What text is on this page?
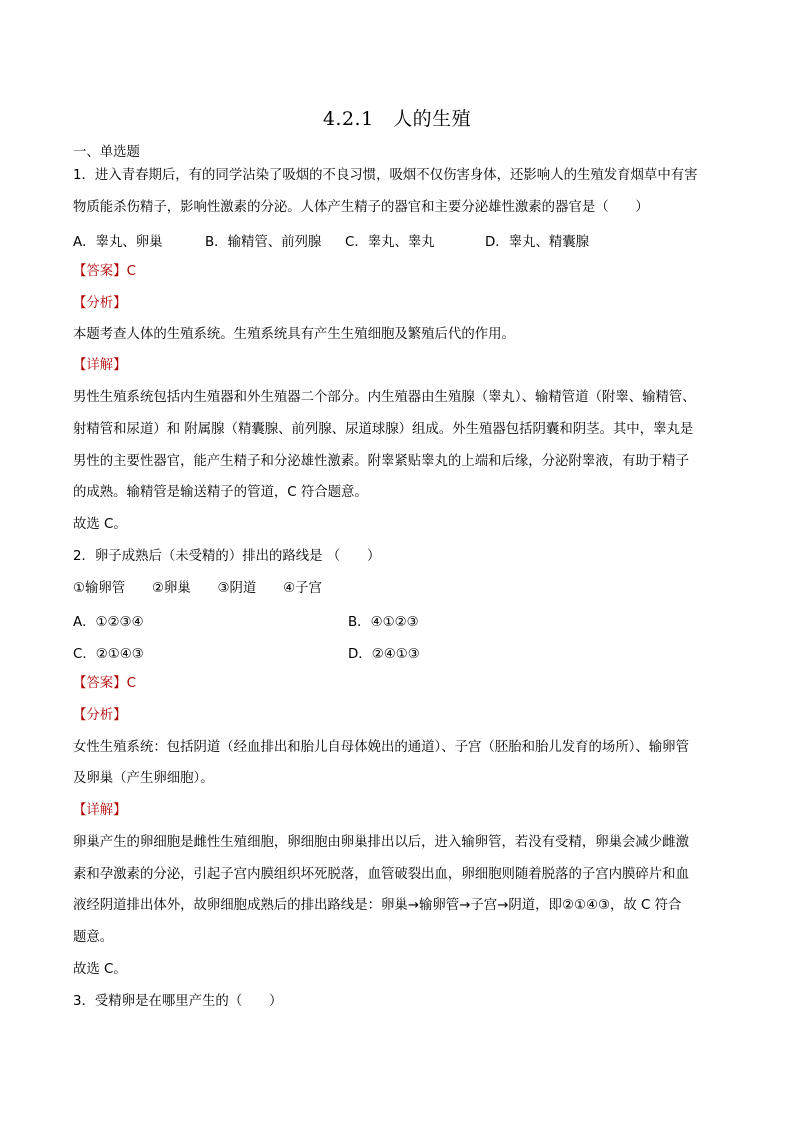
4.2.1　人的生殖
一、单选题
1．进入青春期后，有的同学沾染了吸烟的不良习惯，吸烟不仅伤害身体，还影响人的生殖发育烟草中有害
物质能杀伤精子，影响性激素的分泌。人体产生精子的器官和主要分泌雄性激素的器官是（　　）
A．睾丸、卵巢	B．输精管、前列腺 C．睾丸、睾丸	D．睾丸、精囊腺
【答案】C
【分析】
本题考查人体的生殖系统。生殖系统具有产生生殖细胞及繁殖后代的作用。
【详解】
男性生殖系统包括内生殖器和外生殖器二个部分。内生殖器由生殖腺（睾丸）、输精管道（附睾、输精管、
射精管和尿道）和 附属腺（精囊腺、前列腺、尿道球腺）组成。外生殖器包括阴囊和阴茎。其中，睾丸是
男性的主要性器官，能产生精子和分泌雄性激素。附睾紧贴睾丸的上端和后缘，分泌附睾液，有助于精子
的成熟。输精管是输送精子的管道，C 符合题意。
故选 C。
2．卵子成熟后（未受精的）排出的路线是 （　　）
①输卵管　　②卵巢　　③阴道　　④子宫
A．①②③④	B．④①②③
C．②①④③	D．②④①③
【答案】C
【分析】
女性生殖系统：包括阴道（经血排出和胎儿自母体娩出的通道）、子宫（胚胎和胎儿发育的场所）、输卵管
及卵巢（产生卵细胞）。
【详解】
卵巢产生的卵细胞是雌性生殖细胞，卵细胞由卵巢排出以后，进入输卵管，若没有受精，卵巢会减少雌激
素和孕激素的分泌，引起子宫内膜组织坏死脱落，血管破裂出血，卵细胞则随着脱落的子宫内膜碎片和血
液经阴道排出体外，故卵细胞成熟后的排出路线是：卵巢→输卵管→子宫→阴道，即②①④③，故 C 符合
题意。
故选 C。
3．受精卵是在哪里产生的（　　）
